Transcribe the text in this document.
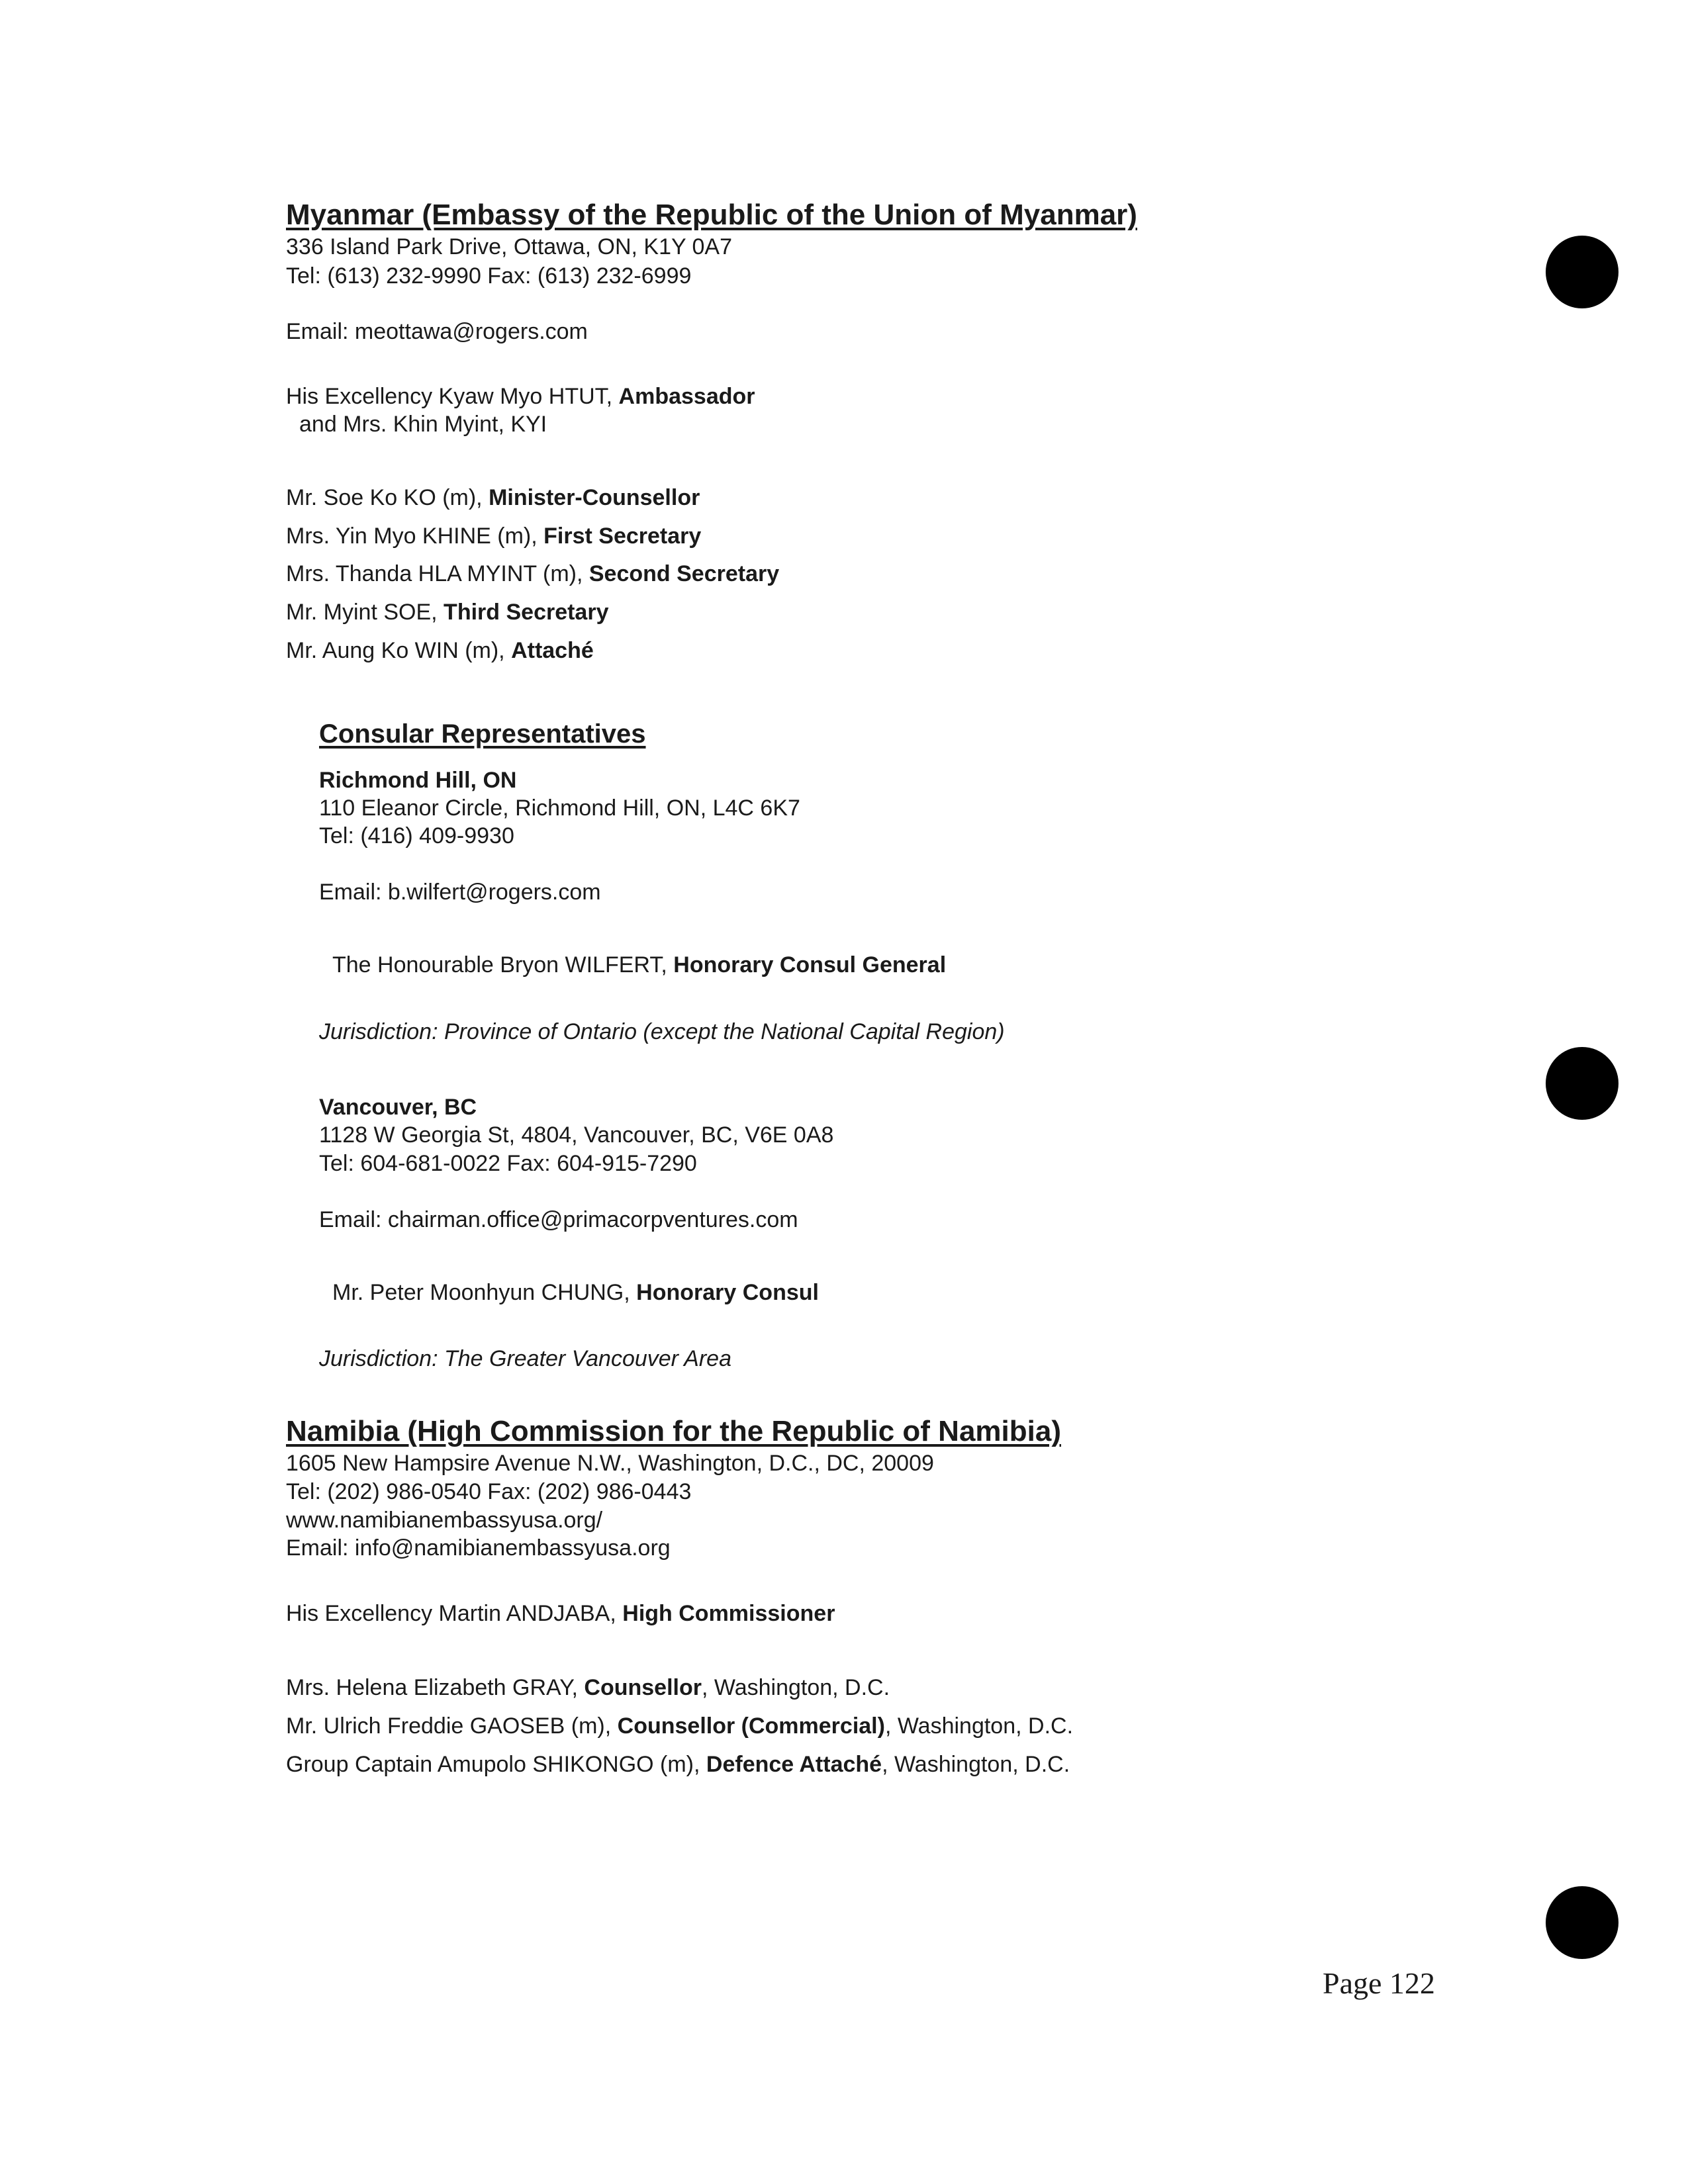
Myanmar (Embassy of the Republic of the Union of Myanmar)
336 Island Park Drive, Ottawa, ON, K1Y 0A7
Tel: (613) 232-9990 Fax: (613) 232-6999
Email: meottawa@rogers.com
His Excellency Kyaw Myo HTUT, Ambassador
and Mrs. Khin Myint, KYI
Mr. Soe Ko KO (m), Minister-Counsellor
Mrs. Yin Myo KHINE (m), First Secretary
Mrs. Thanda HLA MYINT (m), Second Secretary
Mr. Myint SOE, Third Secretary
Mr. Aung Ko WIN (m), Attaché
Consular Representatives
Richmond Hill, ON
110 Eleanor Circle, Richmond Hill, ON, L4C 6K7
Tel: (416) 409-9930
Email: b.wilfert@rogers.com
The Honourable Bryon WILFERT, Honorary Consul General
Jurisdiction: Province of Ontario (except the National Capital Region)
Vancouver, BC
1128 W Georgia St, 4804, Vancouver, BC, V6E 0A8
Tel: 604-681-0022 Fax: 604-915-7290
Email: chairman.office@primacorpventures.com
Mr. Peter Moonhyun CHUNG, Honorary Consul
Jurisdiction: The Greater Vancouver Area
Namibia (High Commission for the Republic of Namibia)
1605 New Hampsire Avenue N.W., Washington, D.C., DC, 20009
Tel: (202) 986-0540 Fax: (202) 986-0443
www.namibianembassyusa.org/
Email: info@namibianembassyusa.org
His Excellency Martin ANDJABA, High Commissioner
Mrs. Helena Elizabeth GRAY, Counsellor, Washington, D.C.
Mr. Ulrich Freddie GAOSEB (m), Counsellor (Commercial), Washington, D.C.
Group Captain Amupolo SHIKONGO (m), Defence Attaché, Washington, D.C.
Page 122
